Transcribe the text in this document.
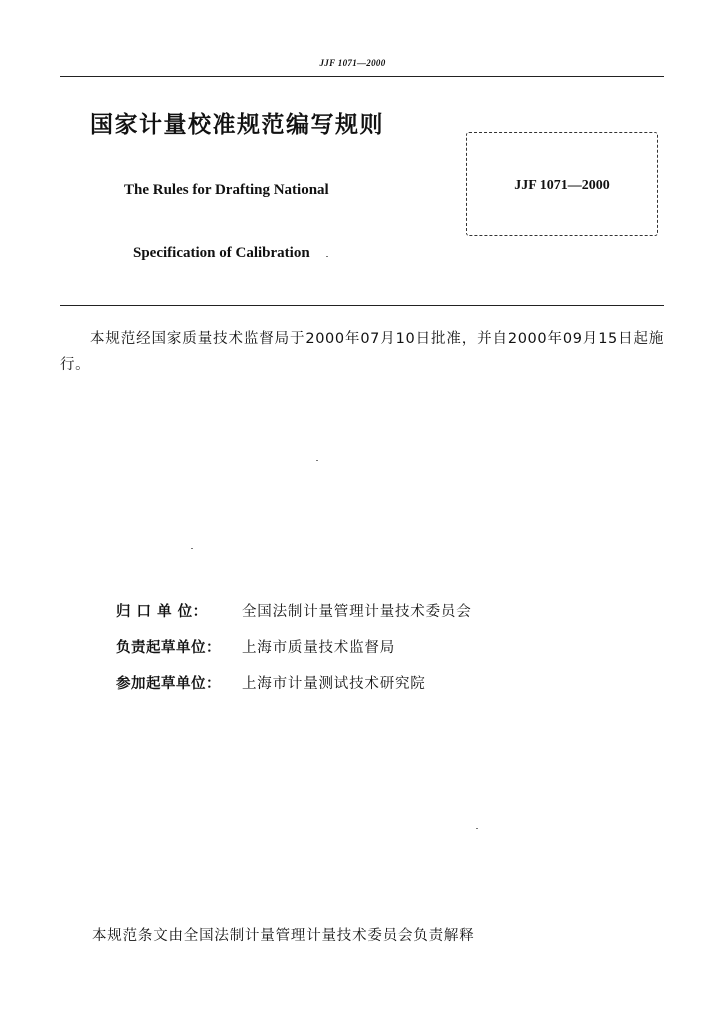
JJF 1071—2000
国家计量校准规范编写规则
The Rules for Drafting National
Specification of Calibration
JJF 1071—2000
本规范经国家质量技术监督局于2000年07月10日批准，并自2000年09月15日起施行。
归 口 单 位：	全国法制计量管理计量技术委员会
负责起草单位：	上海市质量技术监督局
参加起草单位：	上海市计量测试技术研究院
本规范条文由全国法制计量管理计量技术委员会负责解释
